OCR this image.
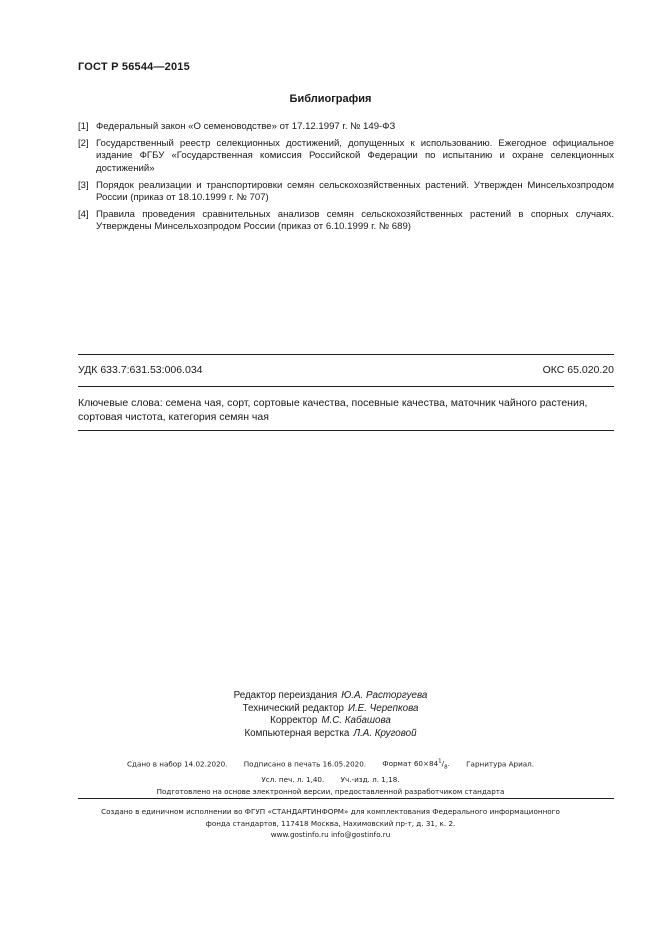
ГОСТ Р 56544—2015
Библиография
[1] Федеральный закон «О семеноводстве» от 17.12.1997 г. № 149-ФЗ
[2] Государственный реестр селекционных достижений, допущенных к использованию. Ежегодное официальное издание ФГБУ «Государственная комиссия Российской Федерации по испытанию и охране селекционных достижений»
[3] Порядок реализации и транспортировки семян сельскохозяйственных растений. Утвержден Минсельхозпродом России (приказ от 18.10.1999 г. № 707)
[4] Правила проведения сравнительных анализов семян сельскохозяйственных растений в спорных случаях. Утверждены Минсельхозпродом России (приказ от 6.10.1999 г. № 689)
УДК 633.7:631.53:006.034	ОКС 65.020.20
Ключевые слова: семена чая, сорт, сортовые качества, посевные качества, маточник чайного растения, сортовая чистота, категория семян чая
Редактор переиздания Ю.А. Расторгуева
Технический редактор И.Е. Черепкова
Корректор М.С. Кабашова
Компьютерная верстка Л.А. Круговой
Сдано в набор 14.02.2020. Подписано в печать 16.05.2020. Формат $60\times 84^1/_8$. Гарнитура Ариал.
Усл. печ. л. 1,40. Уч.-изд. л. 1,18.
Подготовлено на основе электронной версии, предоставленной разработчиком стандарта
Создано в единичном исполнении во ФГУП «СТАНДАРТИНФОРМ» для комплектования Федерального информационного
фонда стандартов, 117418 Москва, Нахимовский пр-т, д. 31, к. 2.
www.gostinfo.ru info@gostinfo.ru
